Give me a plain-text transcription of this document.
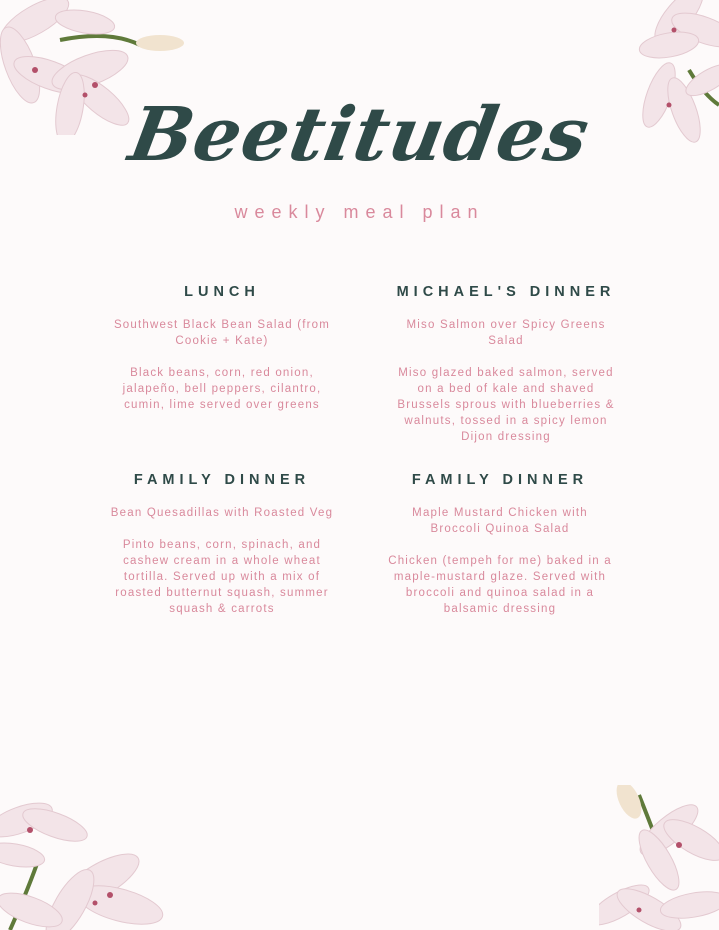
Beetitudes
weekly meal plan
LUNCH
Southwest Black Bean Salad (from Cookie + Kate)
Black beans, corn, red onion, jalapeño, bell peppers, cilantro, cumin, lime served over greens
MICHAEL'S DINNER
Miso Salmon over Spicy Greens Salad
Miso glazed baked salmon, served on a bed of kale and shaved Brussels sprous with blueberries & walnuts, tossed in a spicy lemon Dijon dressing
FAMILY DINNER
Bean Quesadillas with Roasted Veg
Pinto beans, corn, spinach, and cashew cream in a whole wheat tortilla. Served up with a mix of roasted butternut squash, summer squash & carrots
FAMILY DINNER
Maple Mustard Chicken with Broccoli Quinoa Salad
Chicken (tempeh for me) baked in a maple-mustard glaze. Served with broccoli and quinoa salad in a balsamic dressing
